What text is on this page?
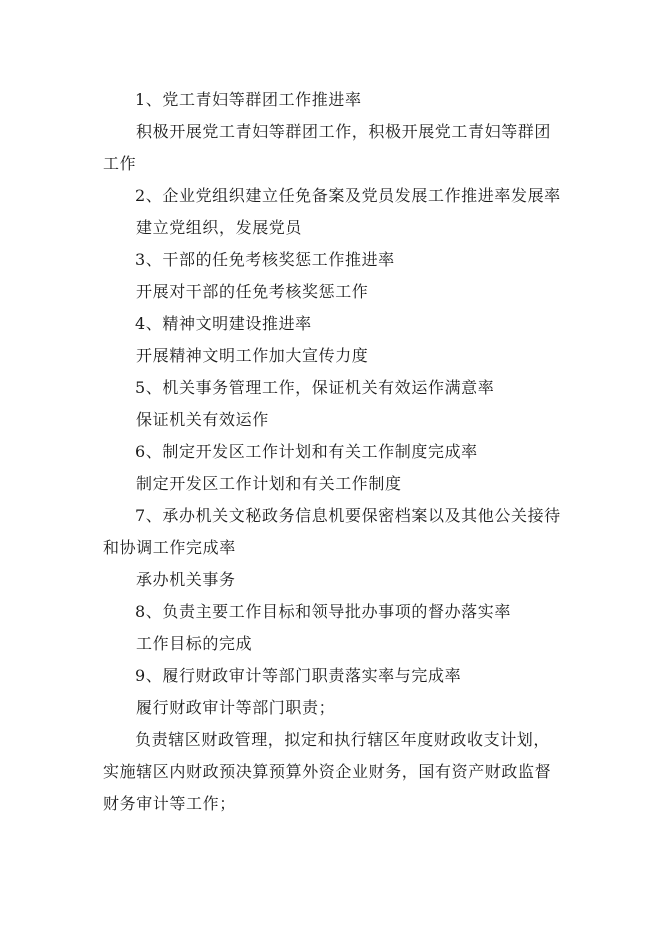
1、党工青妇等群团工作推进率

积极开展党工青妇等群团工作，积极开展党工青妇等群团工作

2、企业党组织建立任免备案及党员发展工作推进率发展率

建立党组织，发展党员

3、干部的任免考核奖惩工作推进率

开展对干部的任免考核奖惩工作

4、精神文明建设推进率

开展精神文明工作加大宣传力度

5、机关事务管理工作，保证机关有效运作满意率

保证机关有效运作

6、制定开发区工作计划和有关工作制度完成率

制定开发区工作计划和有关工作制度

7、承办机关文秘政务信息机要保密档案以及其他公关接待和协调工作完成率

承办机关事务

8、负责主要工作目标和领导批办事项的督办落实率

工作目标的完成

9、履行财政审计等部门职责落实率与完成率

履行财政审计等部门职责；

负责辖区财政管理，拟定和执行辖区年度财政收支计划，实施辖区内财政预决算预算外资企业财务，国有资产财政监督财务审计等工作；
